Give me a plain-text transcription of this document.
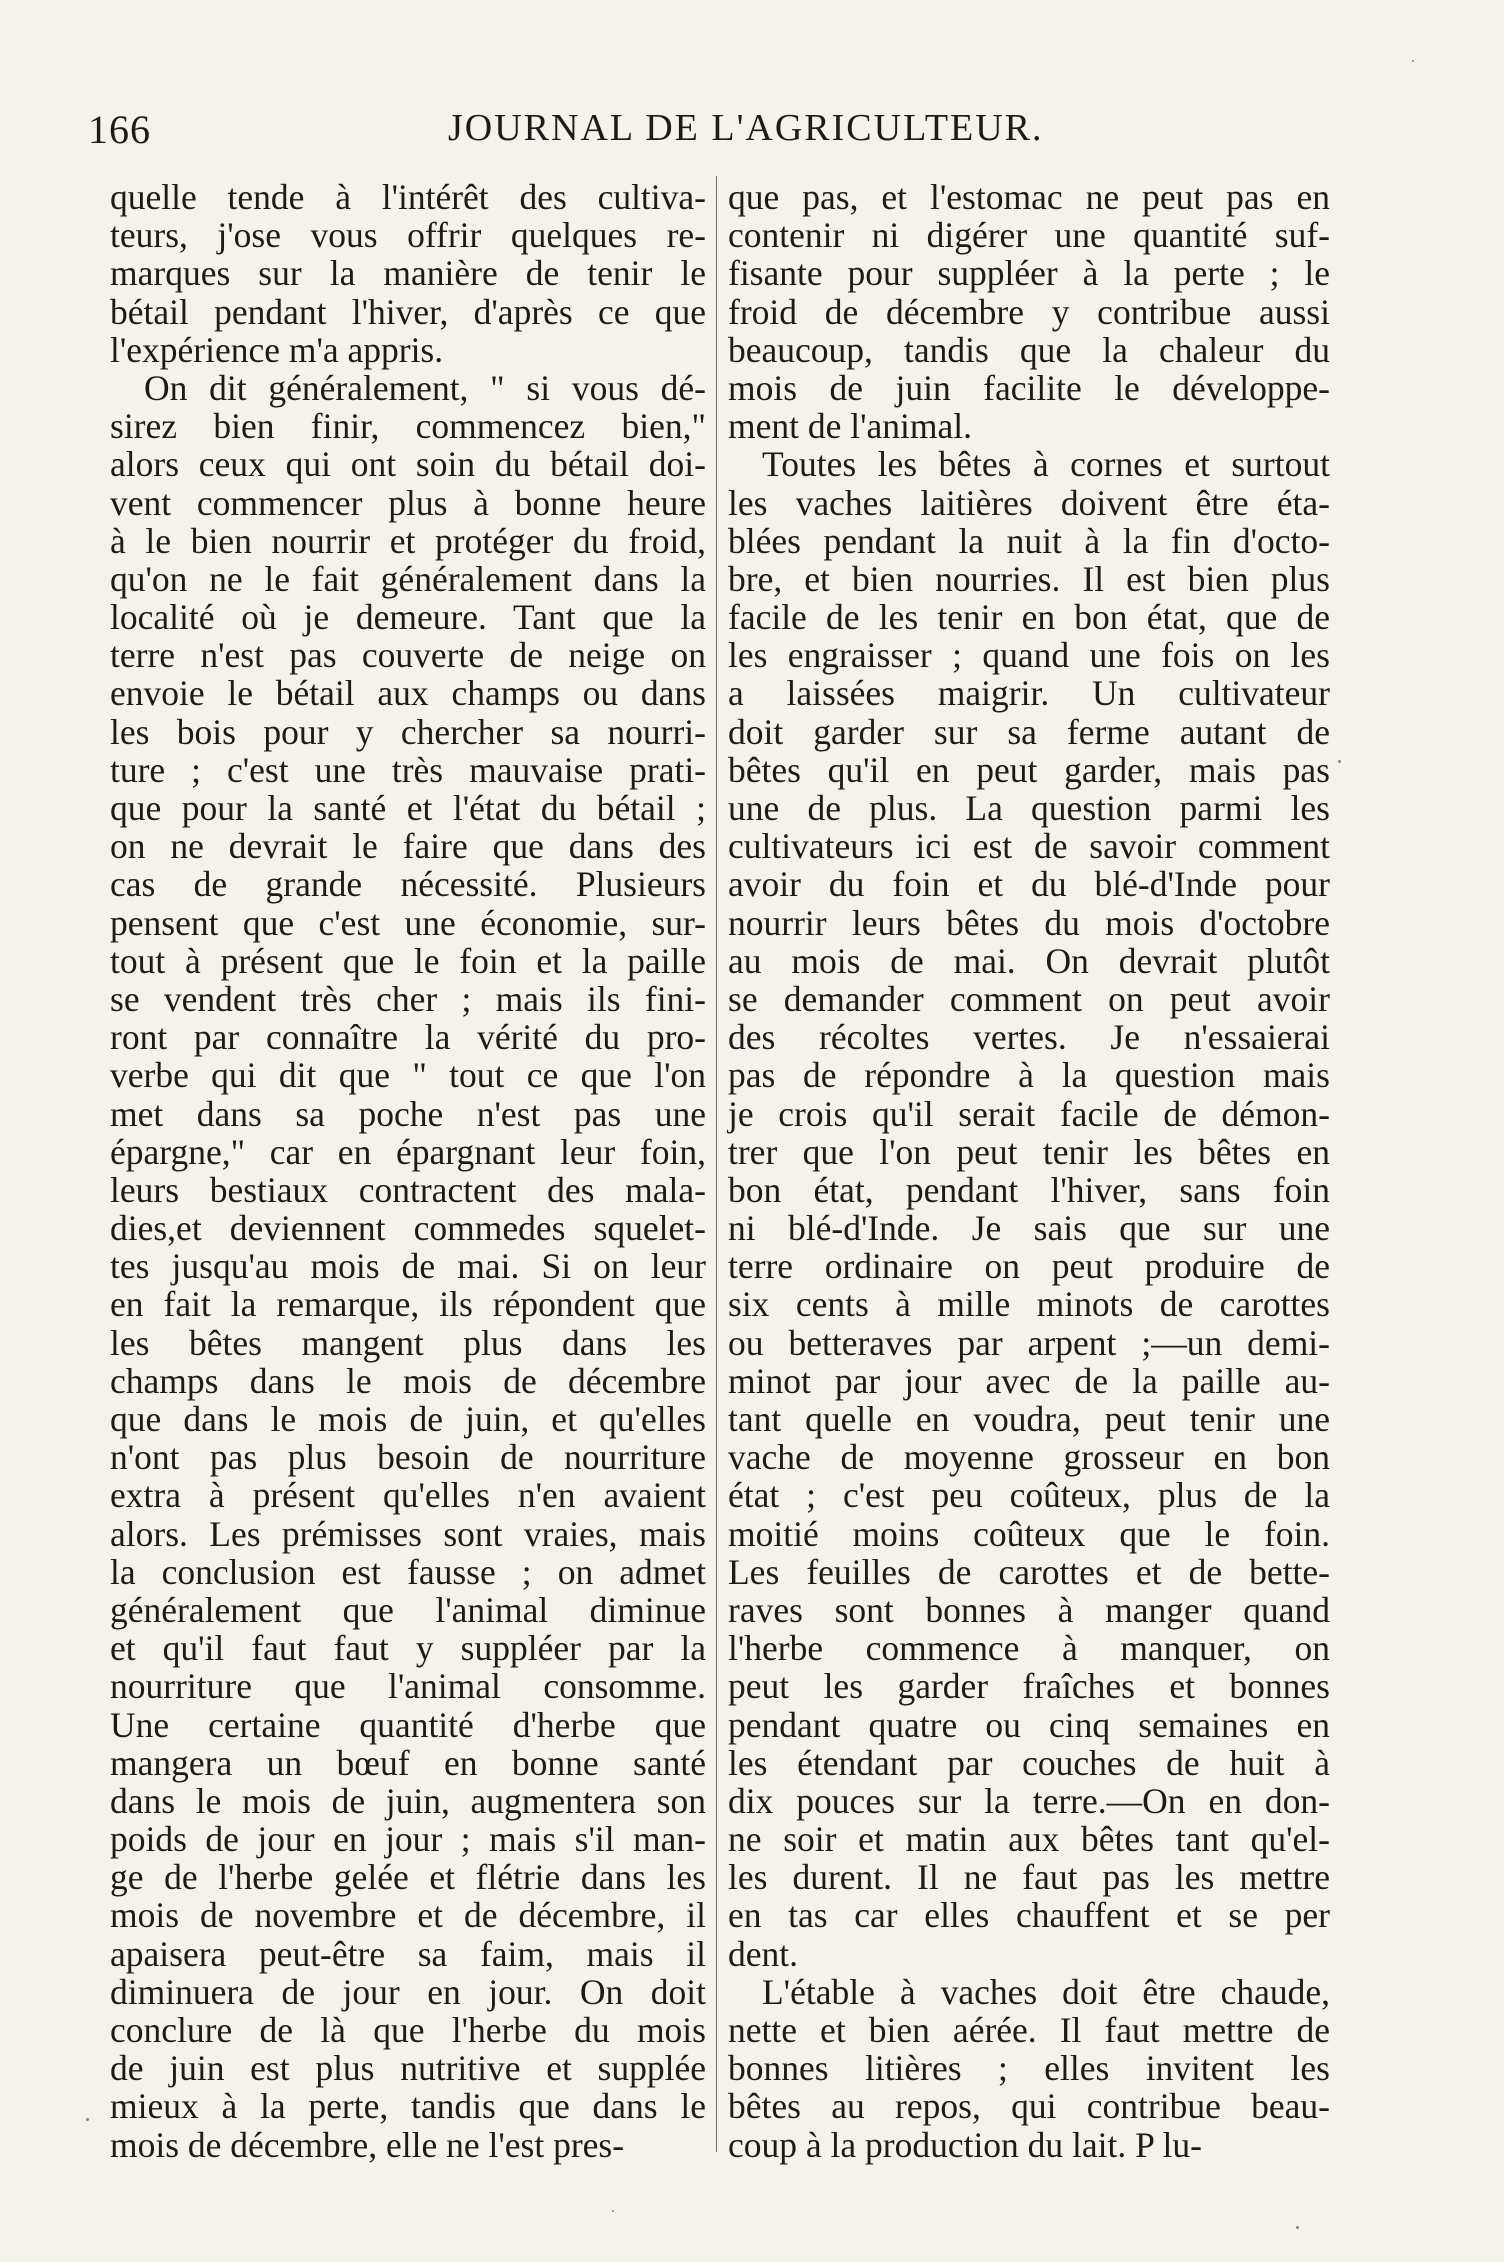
166	JOURNAL DE L'AGRICULTEUR.
quelle tende à l'intérêt des cultiva-
teurs, j'ose vous offrir quelques re-
marques sur la manière de tenir le
bétail pendant l'hiver, d'après ce que
l'expérience m'a appris.
On dit généralement, " si vous dé-
sirez bien finir, commencez bien,"
alors ceux qui ont soin du bétail doi-
vent commencer plus à bonne heure
à le bien nourrir et protéger du froid,
qu'on ne le fait généralement dans la
localité où je demeure. Tant que la
terre n'est pas couverte de neige on
envoie le bétail aux champs ou dans
les bois pour y chercher sa nourri-
ture ; c'est une très mauvaise prati-
que pour la santé et l'état du bétail ;
on ne devrait le faire que dans des
cas de grande nécessité. Plusieurs
pensent que c'est une économie, sur-
tout à présent que le foin et la paille
se vendent très cher ; mais ils fini-
ront par connaître la vérité du pro-
verbe qui dit que " tout ce que l'on
met dans sa poche n'est pas une
épargne," car en épargnant leur foin,
leurs bestiaux contractent des mala-
dies,et deviennent commedes squelet-
tes jusqu'au mois de mai. Si on leur
en fait la remarque, ils répondent que
les bêtes mangent plus dans les
champs dans le mois de décembre
que dans le mois de juin, et qu'elles
n'ont pas plus besoin de nourriture
extra à présent qu'elles n'en avaient
alors. Les prémisses sont vraies, mais
la conclusion est fausse ; on admet
généralement que l'animal diminue
et qu'il faut faut y suppléer par la
nourriture que l'animal consomme.
Une certaine quantité d'herbe que
mangera un bœuf en bonne santé
dans le mois de juin, augmentera son
poids de jour en jour ; mais s'il man-
ge de l'herbe gelée et flétrie dans les
mois de novembre et de décembre, il
apaisera peut-être sa faim, mais il
diminuera de jour en jour. On doit
conclure de là que l'herbe du mois
de juin est plus nutritive et supplée
mieux à la perte, tandis que dans le
mois de décembre, elle ne l'est pres-
que pas, et l'estomac ne peut pas en
contenir ni digérer une quantité suf-
fisante pour suppléer à la perte ; le
froid de décembre y contribue aussi
beaucoup, tandis que la chaleur du
mois de juin facilite le développe-
ment de l'animal.
Toutes les bêtes à cornes et surtout
les vaches laitières doivent être éta-
blées pendant la nuit à la fin d'octo-
bre, et bien nourries. Il est bien plus
facile de les tenir en bon état, que de
les engraisser ; quand une fois on les
a laissées maigrir. Un cultivateur
doit garder sur sa ferme autant de
bêtes qu'il en peut garder, mais pas
une de plus. La question parmi les
cultivateurs ici est de savoir comment
avoir du foin et du blé-d'Inde pour
nourrir leurs bêtes du mois d'octobre
au mois de mai. On devrait plutôt
se demander comment on peut avoir
des récoltes vertes. Je n'essaierai
pas de répondre à la question mais
je crois qu'il serait facile de démon-
trer que l'on peut tenir les bêtes en
bon état, pendant l'hiver, sans foin
ni blé-d'Inde. Je sais que sur une
terre ordinaire on peut produire de
six cents à mille minots de carottes
ou betteraves par arpent ;—un demi-
minot par jour avec de la paille au-
tant quelle en voudra, peut tenir une
vache de moyenne grosseur en bon
état ; c'est peu coûteux, plus de la
moitié moins coûteux que le foin.
Les feuilles de carottes et de bette-
raves sont bonnes à manger quand
l'herbe commence à manquer, on
peut les garder fraîches et bonnes
pendant quatre ou cinq semaines en
les étendant par couches de huit à
dix pouces sur la terre.—On en don-
ne soir et matin aux bêtes tant qu'el-
les durent. Il ne faut pas les mettre
en tas car elles chauffent et se per
dent.
L'étable à vaches doit être chaude,
nette et bien aérée. Il faut mettre de
bonnes litières ; elles invitent les
bêtes au repos, qui contribue beau-
coup à la production du lait. P lu-
